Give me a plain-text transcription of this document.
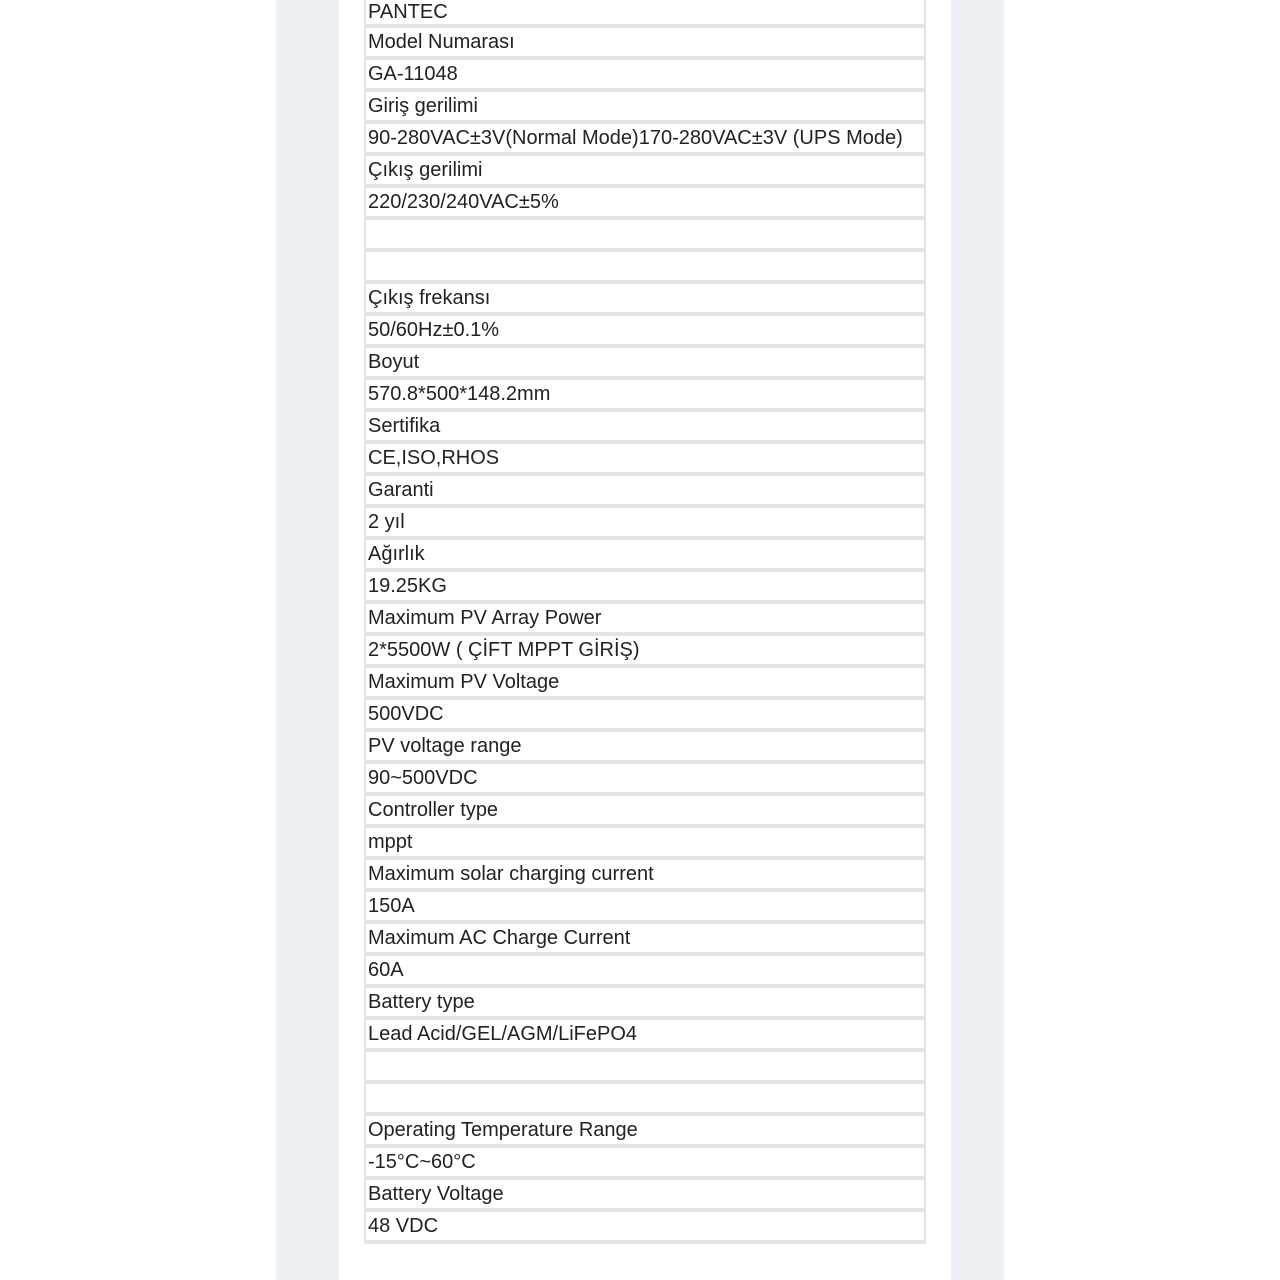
PANTEC
Model Numarası
GA-11048
Giriş gerilimi
90-280VAC±3V(Normal Mode)170-280VAC±3V (UPS Mode)
Çıkış gerilimi
220/230/240VAC±5%
Çıkış frekansı
50/60Hz±0.1%
Boyut
570.8*500*148.2mm
Sertifika
CE,ISO,RHOS
Garanti
2 yıl
Ağırlık
19.25KG
Maximum PV Array Power
2*5500W ( ÇİFT MPPT GİRİŞ)
Maximum PV Voltage
500VDC
PV voltage range
90~500VDC
Controller type
mppt
Maximum solar charging current
150A
Maximum AC Charge Current
60A
Battery type
Lead Acid/GEL/AGM/LiFePO4
Operating Temperature Range
-15°C~60°C
Battery Voltage
48 VDC
